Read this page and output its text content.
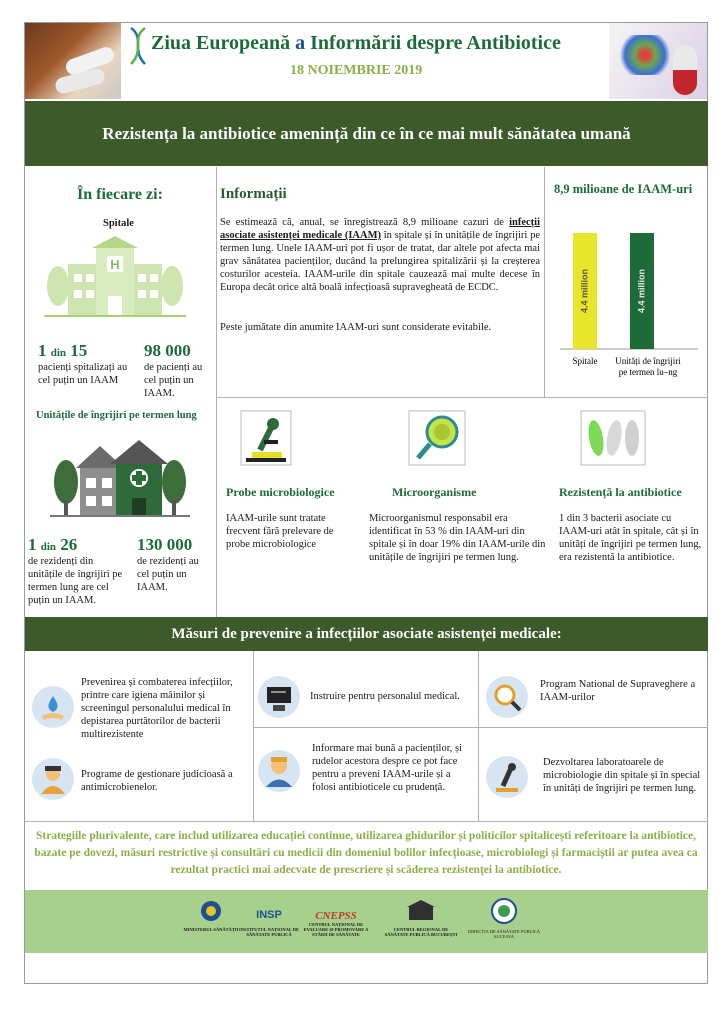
Ziua Europeană a Informării despre Antibiotice
18 NOIEMBRIE 2019
Rezistența la antibiotice amenință din ce în ce mai mult sănătatea umană
În fiecare zi:
Spitale
H
1 din 15
pacienți spitalizați au cel puțin un IAAM
98 000
de pacienți au cel puțin un IAAM.
Unitățile de îngrijiri pe termen lung
1 din 26
de rezidenți din unitățile de îngrijiri pe termen lung are cel puțin un IAAM.
130 000
de rezidenți au cel puțin un IAAM.
Informații
Se estimează că, anual, se înregistrează 8,9 milioane cazuri de infecții asociate asistenței medicale (IAAM) în spitale și în unitățile de îngrijiri pe termen lung. Unele IAAM-uri pot fi ușor de tratat, dar altele pot afecta mai grav sănătatea pacienților, ducând la prelungirea spitalizării și la creșterea costurilor acesteia. IAAM-urile din spitale cauzează mai multe decese în Europa decât orice altă boală infecțioasă supravegheată de ECDC.
Peste jumătate din anumite IAAM-uri sunt considerate evitabile.
8,9 milioane de IAAM-uri
4.4 million	4.4 million
Spitale Unități de îngrijiri pe termen lu–ng
Probe microbiologice
IAAM-urile sunt tratate frecvent fără prelevare de probe microbiologice
Microorganisme
Microorganismul responsabil era identificat în 53 % din IAAM-uri din spitale și în doar 19% din IAAM-urile din unitățile de îngrijiri pe termen lung.
Rezistență la antibiotice
1 din 3 bacterii asociate cu IAAM-uri atât în spitale, cât și în unități de îngrijiri pe termen lung, era rezistentă la antibiotice.
Măsuri de prevenire a infecțiilor asociate asistenței medicale:
Prevenirea și combaterea infecțiilor, printre care igiena mâinilor și screeningul personalului medical în depistarea purtătorilor de bacterii multirezistente
Programe de gestionare judicioasă a antimicrobienelor.
Instruire pentru personalul medical.
Informare mai bună a pacienților, și rudelor acestora despre ce pot face pentru a preveni IAAM-urile și a folosi antibioticele cu prudență.
Program National de Supraveghere a IAAM-urilor
Dezvoltarea laboratoarele de microbiologie din spitale și în special în unități de îngrijiri pe termen lung.
Strategiile plurivalente, care includ utilizarea educației continue, utilizarea ghidurilor și politicilor spitalicești referitoare la antibiotice, bazate pe dovezi, măsuri restrictive și consultări cu medicii din domeniul bolilor infecțioase, microbiologi și farmaciștii ar putea avea ca rezultat practici mai adecvate de prescriere și scăderea rezistenței la antibiotice.
MINISTERUL SĂNĂTĂȚII
INSP
INSTITUTUL NAȚIONAL DE SĂNĂTATE PUBLICĂ
CNEPSS
CENTRUL NAȚIONAL DE EVALUARE ȘI PROMOVARE A STĂRII DE SĂNĂTATE
CENTRUL REGIONAL DE SĂNĂTATE PUBLICĂ BUCUREȘTI
DIRECȚIA DE SĂNĂTATE PUBLICĂ SUCEAVA
